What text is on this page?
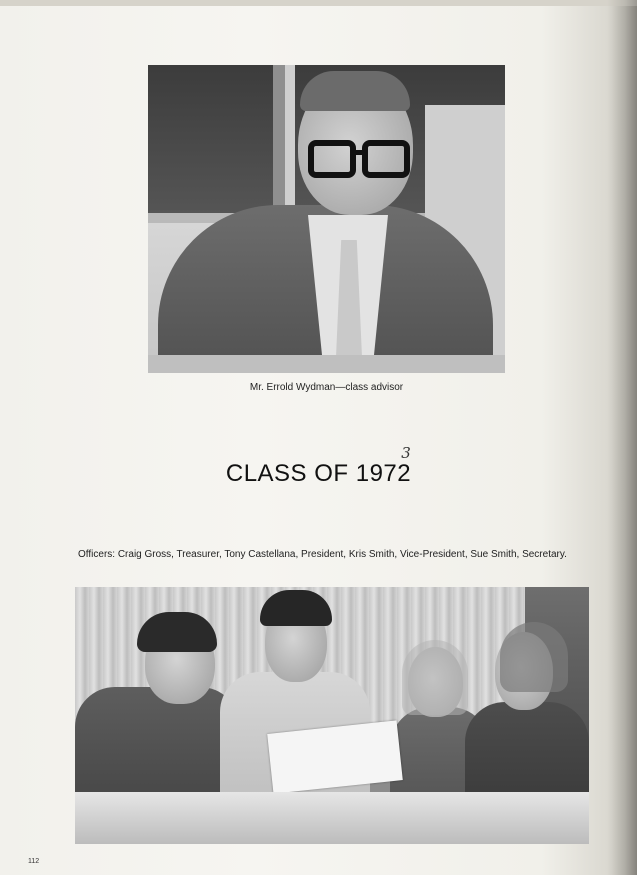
Mr. Errold Wydman—class advisor
CLASS OF 1972
3
Officers: Craig Gross, Treasurer, Tony Castellana, President, Kris Smith, Vice-President, Sue Smith, Secretary.
112
